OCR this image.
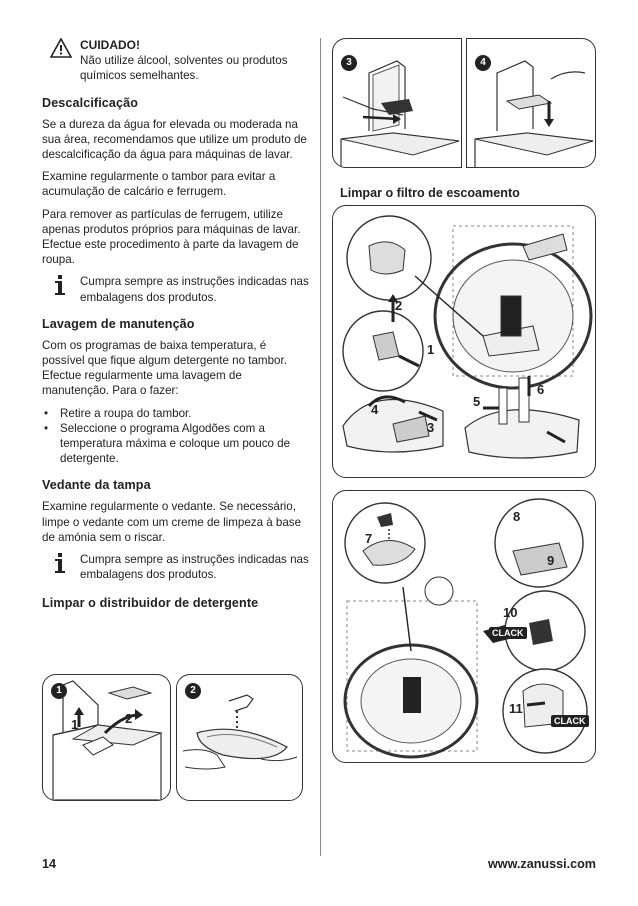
CUIDADO!

Não utilize álcool, solventes ou produtos químicos semelhantes.

Descalcificação

Se a dureza da água for elevada ou moderada na sua área, recomendamos que utilize um produto de descalcificação da água para máquinas de lavar.

Examine regularmente o tambor para evitar a acumulação de calcário e ferrugem.

Para remover as partículas de ferrugem, utilize apenas produtos próprios para máquinas de lavar. Efectue este procedimento à parte da lavagem de roupa.

Cumpra sempre as instruções indicadas nas embalagens dos produtos.

Lavagem de manutenção

Com os programas de baixa temperatura, é possível que fique algum detergente no tambor. Efectue regularmente uma lavagem de manutenção. Para o fazer:

• Retire a roupa do tambor.
• Seleccione o programa Algodões com a temperatura máxima e coloque um pouco de detergente.
Vedante da tampa

Examine regularmente o vedante. Se necessário, limpe o vedante com um creme de limpeza à base de amónia sem o riscar.

Cumpra sempre as instruções indicadas nas embalagens dos produtos.

Limpar o distribuidor de detergente
1
1	2
2
3	4
Limpar o filtro de escoamento
1
2
3
4
5
6
7
8
9
10
11
CLACK
CLACK
14	www.zanussi.com
